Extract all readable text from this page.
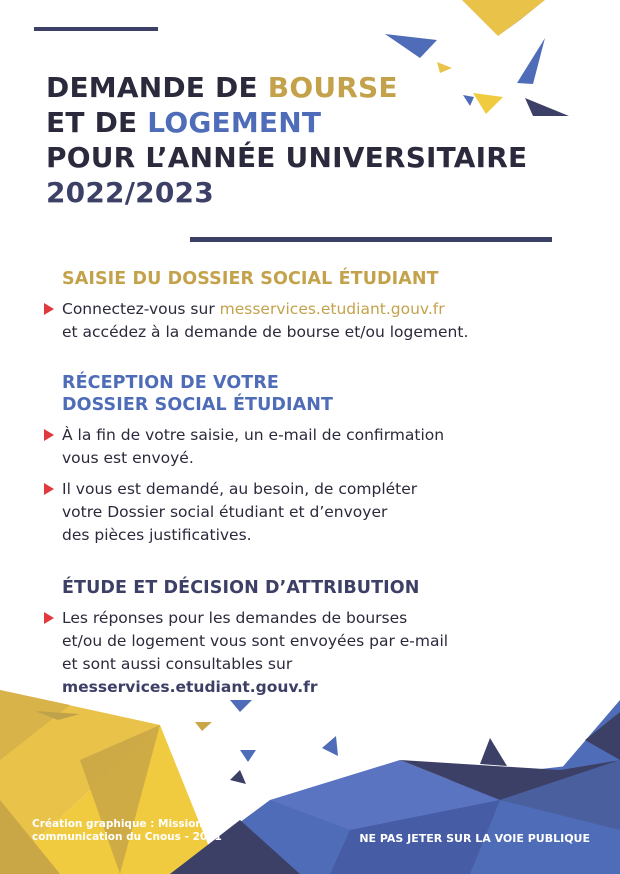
DEMANDE DE BOURSE
ET DE LOGEMENT
POUR L’ANNÉE UNIVERSITAIRE
2022/2023
SAISIE DU DOSSIER SOCIAL ÉTUDIANT
Connectez-vous sur messervices.etudiant.gouv.fr
et accédez à la demande de bourse et/ou logement.
RÉCEPTION DE VOTRE
DOSSIER SOCIAL ÉTUDIANT
À la fin de votre saisie, un e-mail de confirmation
vous est envoyé.
Il vous est demandé, au besoin, de compléter
votre Dossier social étudiant et d’envoyer
des pièces justificatives.
ÉTUDE ET DÉCISION D’ATTRIBUTION
Les réponses pour les demandes de bourses
et/ou de logement vous sont envoyées par e-mail
et sont aussi consultables sur
messervices.etudiant.gouv.fr
Création graphique : Mission
communication du Cnous - 2021	NE PAS JETER SUR LA VOIE PUBLIQUE
